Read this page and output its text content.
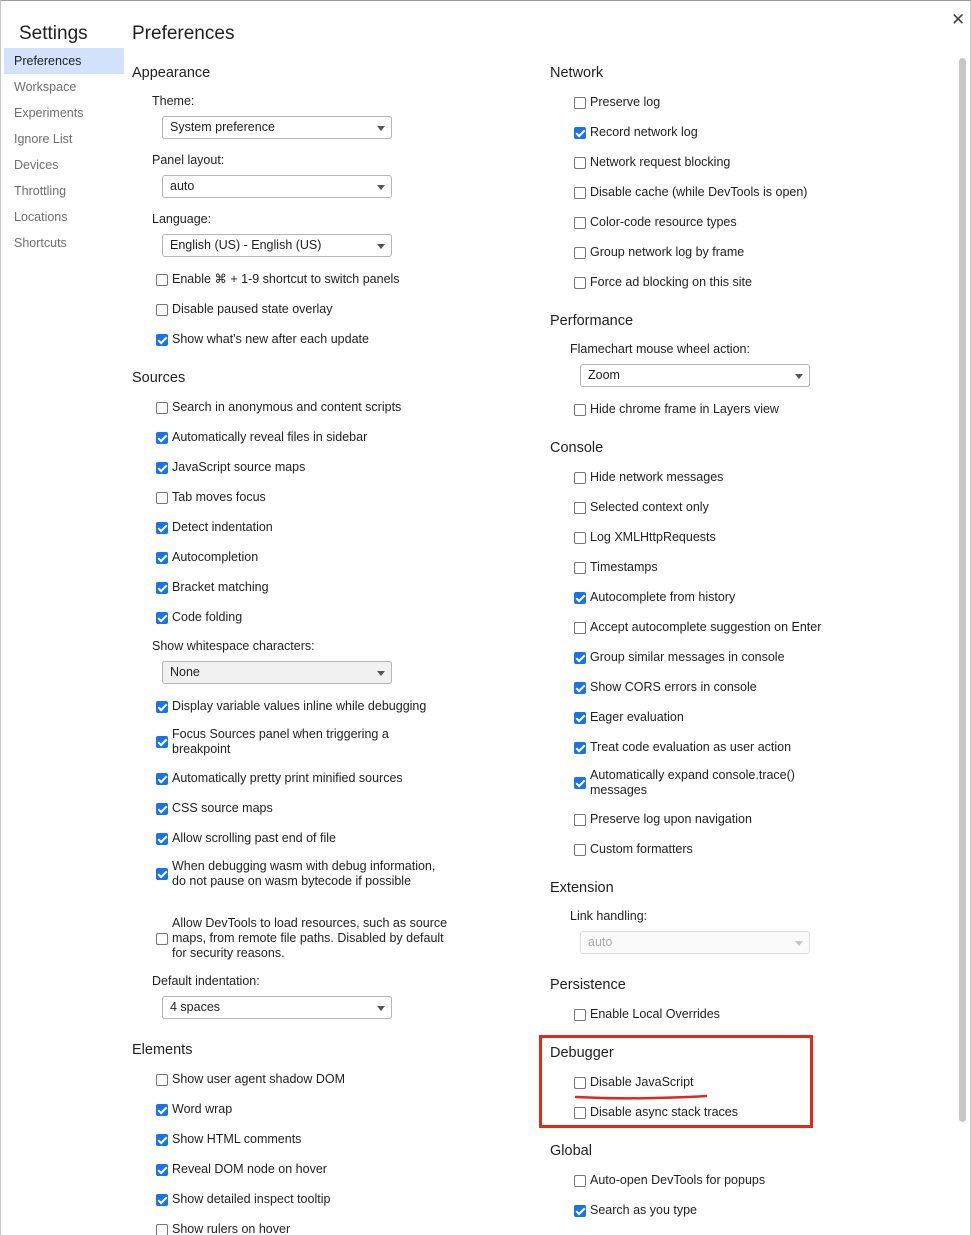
Settings
Preferences
Workspace
Experiments
Ignore List
Devices
Throttling
Locations
Shortcuts
Preferences
✕
Appearance
Theme:
System preference
Panel layout:
auto
Language:
English (US) - English (US)
Enable ⌘ + 1-9 shortcut to switch panels
Disable paused state overlay
Show what's new after each update
Sources
Search in anonymous and content scripts
Automatically reveal files in sidebar
JavaScript source maps
Tab moves focus
Detect indentation
Autocompletion
Bracket matching
Code folding
Show whitespace characters:
None
Display variable values inline while debugging
Focus Sources panel when triggering a breakpoint
Automatically pretty print minified sources
CSS source maps
Allow scrolling past end of file
When debugging wasm with debug information, do not pause on wasm bytecode if possible
Allow DevTools to load resources, such as source maps, from remote file paths. Disabled by default for security reasons.
Default indentation:
4 spaces
Elements
Show user agent shadow DOM
Word wrap
Show HTML comments
Reveal DOM node on hover
Show detailed inspect tooltip
Show rulers on hover
Network
Preserve log
Record network log
Network request blocking
Disable cache (while DevTools is open)
Color-code resource types
Group network log by frame
Force ad blocking on this site
Performance
Flamechart mouse wheel action:
Zoom
Hide chrome frame in Layers view
Console
Hide network messages
Selected context only
Log XMLHttpRequests
Timestamps
Autocomplete from history
Accept autocomplete suggestion on Enter
Group similar messages in console
Show CORS errors in console
Eager evaluation
Treat code evaluation as user action
Automatically expand console.trace() messages
Preserve log upon navigation
Custom formatters
Extension
Link handling:
auto
Persistence
Enable Local Overrides
Debugger
Disable JavaScript
Disable async stack traces
Global
Auto-open DevTools for popups
Search as you type
